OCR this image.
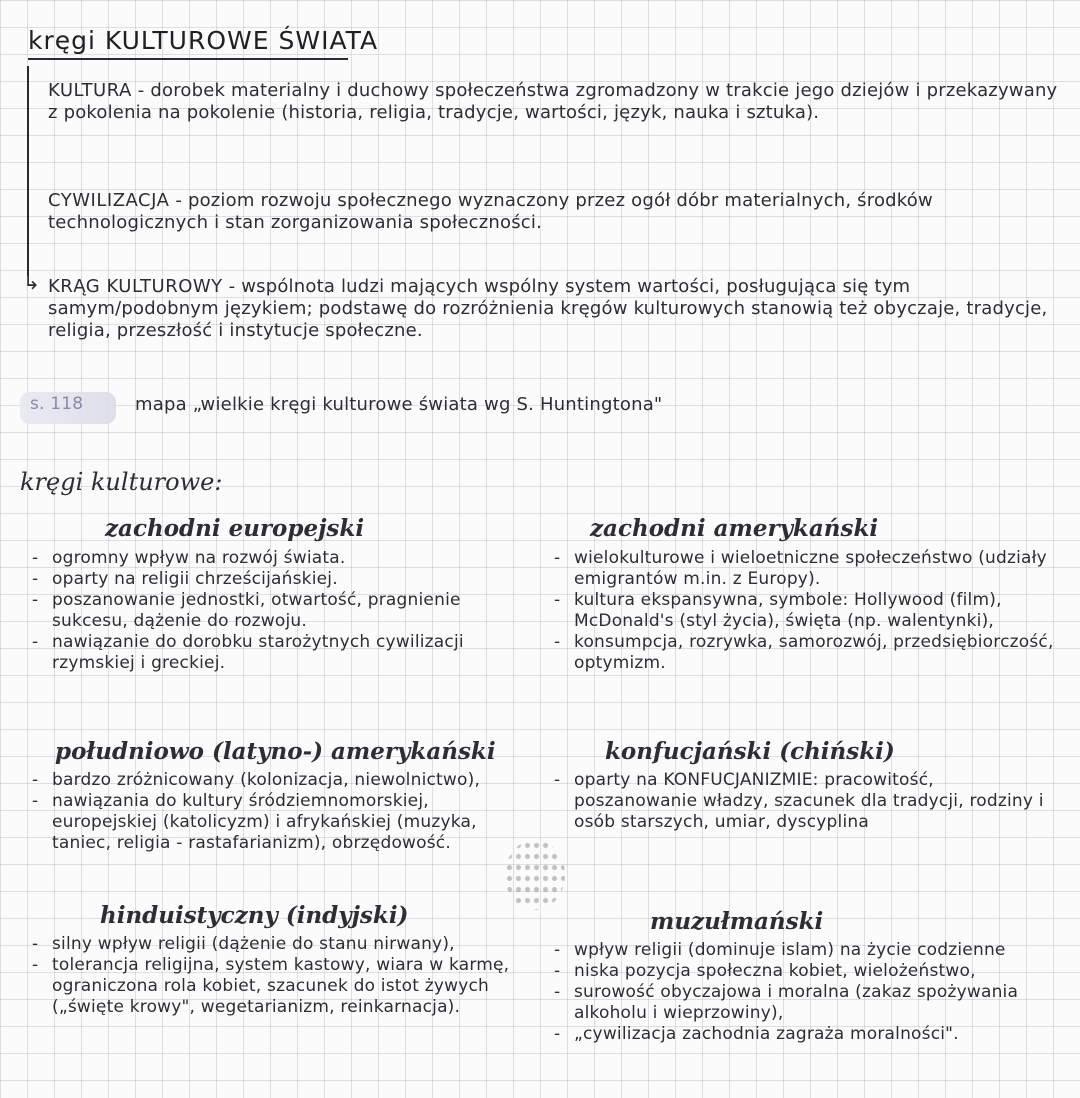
kręgi KULTUROWE ŚWIATA
↳
KULTURA - dorobek materialny i duchowy społeczeństwa zgromadzony w trakcie jego dziejów i przekazywany z pokolenia na pokolenie (historia, religia, tradycje, wartości, język, nauka i sztuka).
CYWILIZACJA - poziom rozwoju społecznego wyznaczony przez ogół dóbr materialnych, środków technologicznych i stan zorganizowania społeczności.
KRĄG KULTUROWY - wspólnota ludzi mających wspólny system wartości, posługująca się tym samym/podobnym językiem; podstawę do rozróżnienia kręgów kulturowych stanowią też obyczaje, tradycje, religia, przeszłość i instytucje społeczne.
s. 118	mapa „wielkie kręgi kulturowe świata wg S. Huntingtona"
kręgi kulturowe:
zachodni europejski
- ogromny wpływ na rozwój świata.
- oparty na religii chrześcijańskiej.
- poszanowanie jednostki, otwartość, pragnienie sukcesu, dążenie do rozwoju.
- nawiązanie do dorobku starożytnych cywilizacji rzymskiej i greckiej.
zachodni amerykański
- wielokulturowe i wieloetniczne społeczeństwo (udziały emigrantów m.in. z Europy).
- kultura ekspansywna, symbole: Hollywood (film), McDonald's (styl życia), święta (np. walentynki),
- konsumpcja, rozrywka, samorozwój, przedsiębiorczość, optymizm.
południowo (latyno-) amerykański
- bardzo zróżnicowany (kolonizacja, niewolnictwo),
- nawiązania do kultury śródziemnomorskiej, europejskiej (katolicyzm) i afrykańskiej (muzyka, taniec, religia - rastafarianizm), obrzędowość.
konfucjański (chiński)
- oparty na KONFUCJANIZMIE: pracowitość, poszanowanie władzy, szacunek dla tradycji, rodziny i osób starszych, umiar, dyscyplina
hinduistyczny (indyjski)
- silny wpływ religii (dążenie do stanu nirwany),
- tolerancja religijna, system kastowy, wiara w karmę, ograniczona rola kobiet, szacunek do istot żywych („święte krowy", wegetarianizm, reinkarnacja).
muzułmański
- wpływ religii (dominuje islam) na życie codzienne
- niska pozycja społeczna kobiet, wielożeństwo,
- surowość obyczajowa i moralna (zakaz spożywania alkoholu i wieprzowiny),
- „cywilizacja zachodnia zagraża moralności".
